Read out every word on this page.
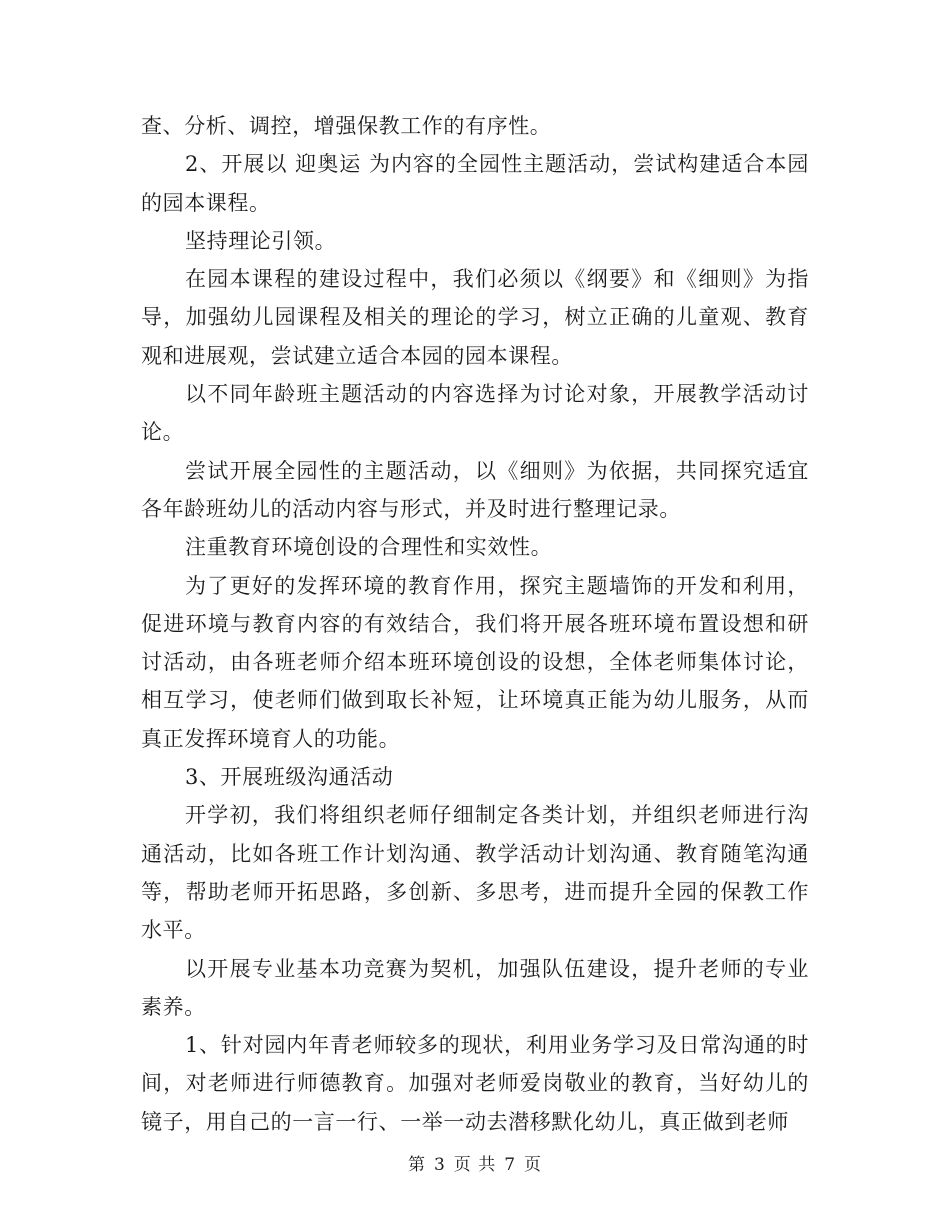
查、分析、调控，增强保教工作的有序性。

2、开展以 迎奥运 为内容的全园性主题活动，尝试构建适合本园的园本课程。

坚持理论引领。

在园本课程的建设过程中，我们必须以《纲要》和《细则》为指导，加强幼儿园课程及相关的理论的学习，树立正确的儿童观、教育观和进展观，尝试建立适合本园的园本课程。

以不同年龄班主题活动的内容选择为讨论对象，开展教学活动讨论。

尝试开展全园性的主题活动，以《细则》为依据，共同探究适宜各年龄班幼儿的活动内容与形式，并及时进行整理记录。

注重教育环境创设的合理性和实效性。

为了更好的发挥环境的教育作用，探究主题墙饰的开发和利用，促进环境与教育内容的有效结合，我们将开展各班环境布置设想和研讨活动，由各班老师介绍本班环境创设的设想，全体老师集体讨论，相互学习，使老师们做到取长补短，让环境真正能为幼儿服务，从而真正发挥环境育人的功能。

3、开展班级沟通活动

开学初，我们将组织老师仔细制定各类计划，并组织老师进行沟通活动，比如各班工作计划沟通、教学活动计划沟通、教育随笔沟通等，帮助老师开拓思路，多创新、多思考，进而提升全园的保教工作水平。

以开展专业基本功竞赛为契机，加强队伍建设，提升老师的专业素养。

1、针对园内年青老师较多的现状，利用业务学习及日常沟通的时间，对老师进行师德教育。加强对老师爱岗敬业的教育，当好幼儿的镜子，用自己的一言一行、一举一动去潜移默化幼儿，真正做到老师

第 3 页 共 7 页
